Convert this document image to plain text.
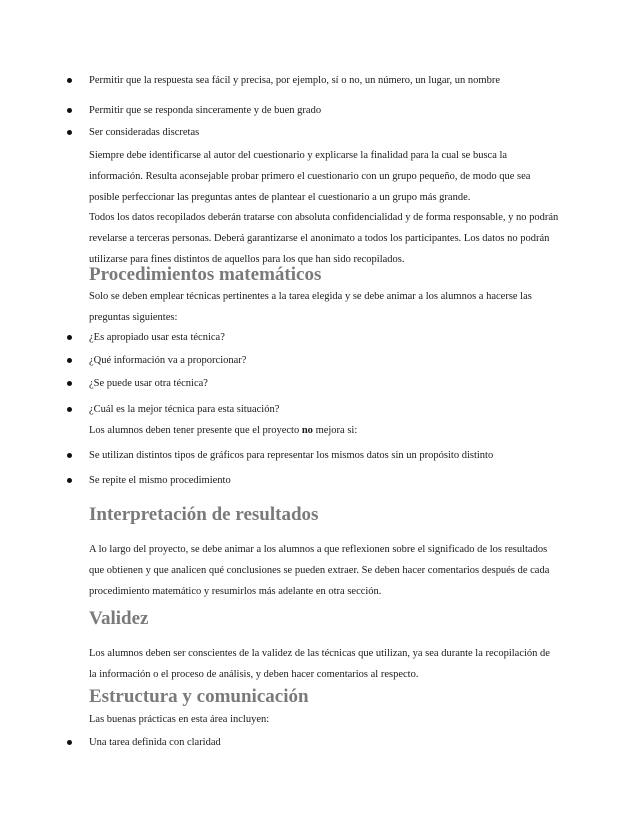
Permitir que la respuesta sea fácil y precisa, por ejemplo, sí o no, un número, un lugar, un nombre
Permitir que se responda sinceramente y de buen grado
Ser consideradas discretas
Siempre debe identificarse al autor del cuestionario y explicarse la finalidad para la cual se busca la información. Resulta aconsejable probar primero el cuestionario con un grupo pequeño, de modo que sea posible perfeccionar las preguntas antes de plantear el cuestionario a un grupo más grande.
Todos los datos recopilados deberán tratarse con absoluta confidencialidad y de forma responsable, y no podrán revelarse a terceras personas. Deberá garantizarse el anonimato a todos los participantes. Los datos no podrán utilizarse para fines distintos de aquellos para los que han sido recopilados.
Procedimientos matemáticos
Solo se deben emplear técnicas pertinentes a la tarea elegida y se debe animar a los alumnos a hacerse las preguntas siguientes:
¿Es apropiado usar esta técnica?
¿Qué información va a proporcionar?
¿Se puede usar otra técnica?
¿Cuál es la mejor técnica para esta situación?
Los alumnos deben tener presente que el proyecto no mejora si:
Se utilizan distintos tipos de gráficos para representar los mismos datos sin un propósito distinto
Se repite el mismo procedimiento
Interpretación de resultados
A lo largo del proyecto, se debe animar a los alumnos a que reflexionen sobre el significado de los resultados que obtienen y que analicen qué conclusiones se pueden extraer. Se deben hacer comentarios después de cada procedimiento matemático y resumirlos más adelante en otra sección.
Validez
Los alumnos deben ser conscientes de la validez de las técnicas que utilizan, ya sea durante la recopilación de la información o el proceso de análisis, y deben hacer comentarios al respecto.
Estructura y comunicación
Las buenas prácticas en esta área incluyen:
Una tarea definida con claridad
